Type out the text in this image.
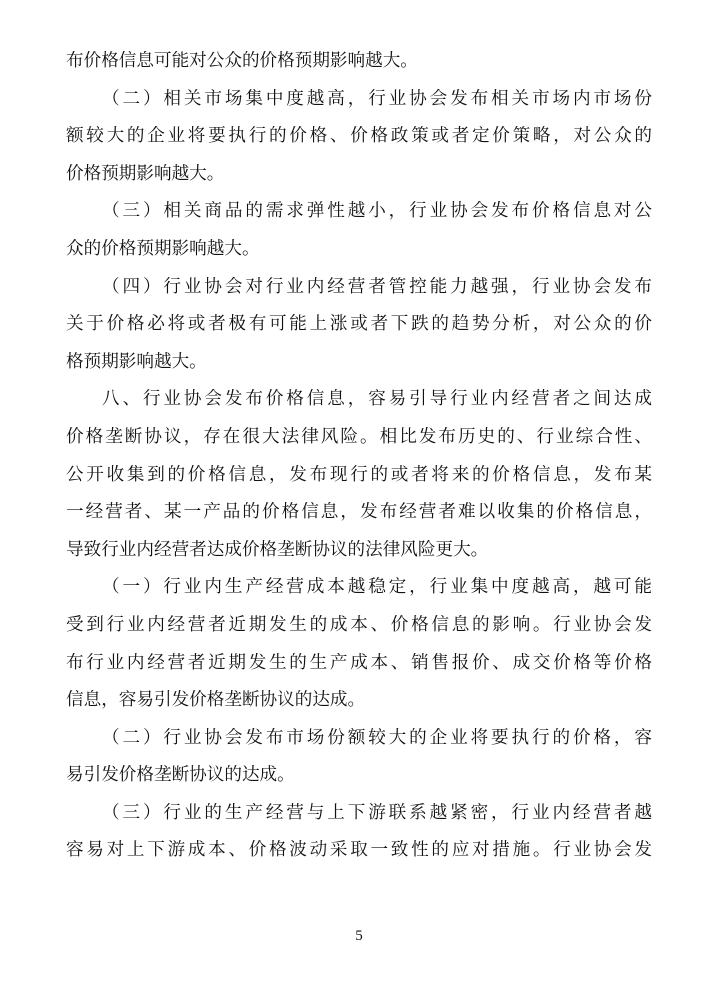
布价格信息可能对公众的价格预期影响越大。
（二）相关市场集中度越高，行业协会发布相关市场内市场份
额较大的企业将要执行的价格、价格政策或者定价策略，对公众的
价格预期影响越大。
（三）相关商品的需求弹性越小，行业协会发布价格信息对公
众的价格预期影响越大。
（四）行业协会对行业内经营者管控能力越强，行业协会发布
关于价格必将或者极有可能上涨或者下跌的趋势分析，对公众的价
格预期影响越大。
八、行业协会发布价格信息，容易引导行业内经营者之间达成
价格垄断协议，存在很大法律风险。相比发布历史的、行业综合性、
公开收集到的价格信息，发布现行的或者将来的价格信息，发布某
一经营者、某一产品的价格信息，发布经营者难以收集的价格信息，
导致行业内经营者达成价格垄断协议的法律风险更大。
（一）行业内生产经营成本越稳定，行业集中度越高，越可能
受到行业内经营者近期发生的成本、价格信息的影响。行业协会发
布行业内经营者近期发生的生产成本、销售报价、成交价格等价格
信息，容易引发价格垄断协议的达成。
（二）行业协会发布市场份额较大的企业将要执行的价格，容
易引发价格垄断协议的达成。
（三）行业的生产经营与上下游联系越紧密，行业内经营者越
容易对上下游成本、价格波动采取一致性的应对措施。行业协会发
5
